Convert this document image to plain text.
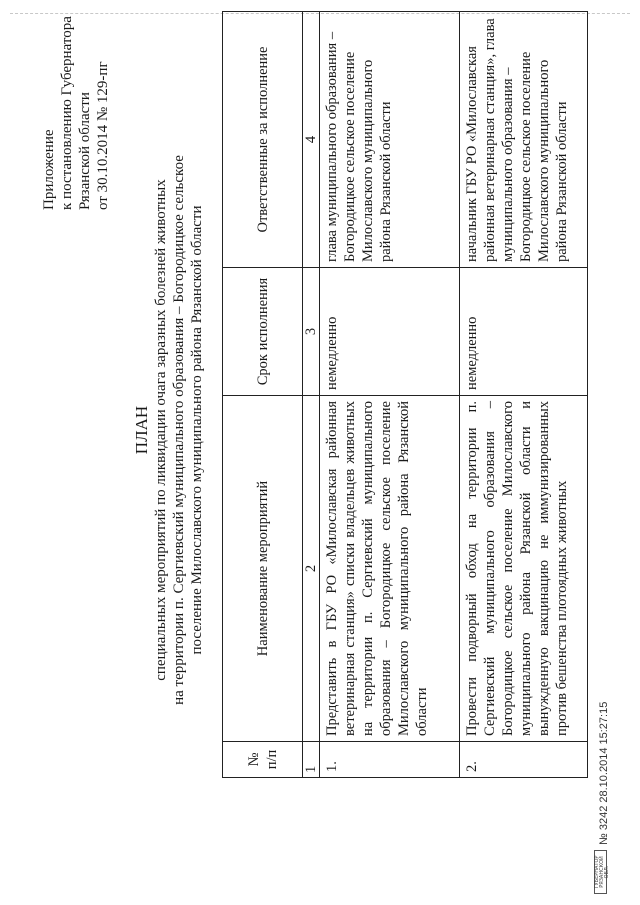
Приложение к постановлению Губернатора Рязанской области от 30.10.2014 № 129-пг
ПЛАН специальных мероприятий по ликвидации очага заразных болезней животных на территории п. Сергиевский муниципального образования – Богородицкое сельское поселение Милославского муниципального района Рязанской области
№ п/п	Наименование мероприятий	Срок исполнения	Ответственные за исполнение
1	2	3	4
1.	Представить в ГБУ РО «Милославская районная ветеринарная станция» списки владельцев животных на территории п. Сергиевский муниципального образования – Богородицкое сельское поселение Милославского муниципального района Рязанской области	немедленно	глава муниципального образования – Богородицкое сельское поселение Милославского муниципального района Рязанской области
2.	Провести подворный обход на территории п. Сергиевский муниципального образования – Богородицкое сельское поселение Милославского муниципального района Рязанской области и вынужденную вакцинацию не иммунизированных против бешенства плотоядных животных	немедленно	начальник ГБУ РО «Милославская районная ветеринарная станция», глава муниципального образования – Богородицкое сельское поселение Милославского муниципального района Рязанской области
ГУБЕРНАТОР РЯЗАНСКОЙ ОБЛ.
№ 3242 28.10.2014 15:27:15
